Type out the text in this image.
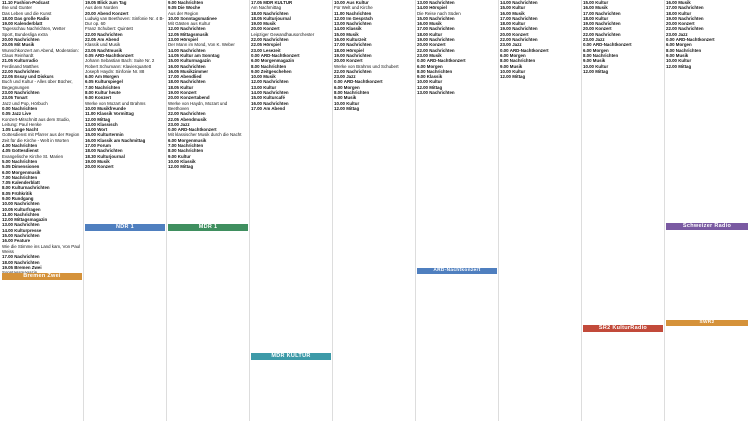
11.10 Fashion-Podcast

Ilse und Gunter

Das Leben und die Kunst

18.00 Das große Radio

19.00 Kalenderblatt

Tagesschau Nachrichten, Wetter

Sport, Bundesliga extra

20.00 Nachrichten

20.05 Mit Musik

Wunschkonzert am Abend, Moderation: Claus Reinhardt

21.05 Kulturradio

Ferdinand Matthes

22.00 Nachrichten

22.05 Essay und Diskurs

Buch und Kultur - Alles über Bücher, Begegnungen

23.00 Nachrichten

23.05 Tonart

Jazz und Pop, Hörbuch

0.00 Nachrichten

0.05 Jazz Live

Konzert-Mitschnitt aus dem Studio, Leitung: Paul Henke

1.05 Lange Nacht

Gottesdienst mit Pfarrer aus der Region

Zeit für die Kirche - Welt in Worten

4.00 Nachrichten

4.05 Gottesdienst

Evangelische Kirche St. Marien

5.00 Nachrichten

5.05 Dimensionen

6.00 Morgenmusik

7.00 Nachrichten

7.05 Kalenderblatt

8.00 Kulturnachrichten

8.05 Frühkritik

9.00 Rundgang

10.00 Nachrichten

10.05 Kulturfragen

11.00 Nachrichten

12.00 Mittagsmagazin

13.00 Nachrichten

14.00 Kulturpresse

15.00 Nachrichten

16.00 Feature

Wie die Stimme ins Land kam, Von Paul Weiss

17.00 Nachrichten

18.00 Nachrichten

19.05 Bremen Zwei

19.05 Blick zum Tag

Aus dem Norden

20.00 Abend Konzert

Ludwig van Beethoven: Sinfonie Nr. 4 B-Dur op. 60

Franz Schubert: Quintett

22.00 Nachrichten

22.05 Am Abend

Klassik und Musik

23.05 Nachtmusik

0.05 ARD-Nachtkonzert

Johann Sebastian Bach: Suite Nr. 2

Robert Schumann: Klavierquartett

Joseph Haydn: Sinfonie Nr. 88

6.00 Am Morgen

6.05 Kulturspiegel

7.00 Nachrichten

8.00 Kultur heute

9.00 Konzert

Werke von Mozart und Brahms

10.00 Musikfreunde

11.00 Klassik Vormittag

12.00 Mittag

13.00 Klassisch

14.00 Wort

15.00 Kulturtermin

16.00 Klassik am Nachmittag

17.00 Forum

18.00 Nachrichten

18.30 Kulturjournal

19.00 Musik

20.00 Konzert

9.00 Nachrichten

9.05 Die Woche

Aus der Region

10.00 Sonntagsmatinee

Mit Gästen aus Kultur

12.00 Nachrichten

12.05 Mittagsmusik

13.00 Hörspiel

Der Mann im Mond, Von K. Weber

14.00 Nachrichten

14.05 Kultur am Sonntag

15.00 Kulturmagazin

16.00 Nachrichten

16.05 Musikzimmer

17.00 Abendlied

18.00 Nachrichten

18.05 Kultur

19.00 Konzert

20.00 Konzertabend

Werke von Haydn, Mozart und Beethoven

22.00 Nachrichten

22.05 Abendmusik

23.00 Jazz

0.00 ARD-Nachtkonzert

Mit klassischer Musik durch die Nacht

6.00 Morgenmusik

7.00 Nachrichten

8.00 Nachrichten

9.00 Kultur

10.00 Klassik

12.00 Mittag

17.05 MDR KULTUR

Am Nachmittag

18.00 Nachrichten

18.05 Kulturjournal

19.00 Musik

20.00 Konzert

Leipziger Gewandhausorchester

22.00 Nachrichten

22.05 Hörspiel

23.00 Lesezeit

0.00 ARD-Nachtkonzert

6.00 Morgenmagazin

8.00 Nachrichten

9.00 Zeitgeschehen

10.00 Musik

12.00 Nachrichten

13.00 Kultur

14.00 Nachrichten

15.00 Kulturcafé

16.00 Nachrichten

17.00 Am Abend

10.00 Aus Kultur

Für Welt und Kirche

11.00 Nachrichten

12.00 Im Gespräch

13.00 Nachrichten

14.00 Klassik

15.00 Musik

16.00 Kulturzeit

17.00 Nachrichten

18.00 Hörspiel

19.00 Nachrichten

20.00 Konzert

Werke von Brahms und Schubert

22.00 Nachrichten

23.00 Jazz

0.00 ARD-Nachtkonzert

6.00 Morgen

8.00 Nachrichten

9.00 Musik

10.00 Kultur

12.00 Mittag

13.00 Nachrichten

14.00 Hörspiel

Die Reise nach Süden

15.00 Nachrichten

16.00 Musik

17.00 Nachrichten

18.00 Kultur

19.00 Nachrichten

20.00 Konzert

22.00 Nachrichten

23.00 Musik

0.00 ARD-Nachtkonzert

6.00 Morgen

8.00 Nachrichten

9.00 Klassik

10.00 Kultur

12.00 Mittag

13.00 Nachrichten

14.00 Nachrichten

15.00 Kultur

16.00 Musik

17.00 Nachrichten

18.00 Kultur

19.00 Nachrichten

20.00 Konzert

22.00 Nachrichten

23.00 Jazz

0.00 ARD-Nachtkonzert

6.00 Morgen

8.00 Nachrichten

9.00 Musik

10.00 Kultur

12.00 Mittag

15.00 Kultur

16.00 Musik

17.00 Nachrichten

18.00 Kultur

19.00 Nachrichten

20.00 Konzert

22.00 Nachrichten

23.00 Jazz

0.00 ARD-Nachtkonzert

6.00 Morgen

8.00 Nachrichten

9.00 Musik

10.00 Kultur

12.00 Mittag

16.00 Musik

17.00 Nachrichten

18.00 Kultur

19.00 Nachrichten

20.00 Konzert

22.00 Nachrichten

23.00 Jazz

0.00 ARD-Nachtkonzert

6.00 Morgen

8.00 Nachrichten

9.00 Musik

10.00 Kultur

12.00 Mittag

NDR 1	MDR 1
MDR KULTUR
Bremen Zwei
SR2 KulturRadio
Schweizer Radio
ARD-Nachtkonzert
SWR2
